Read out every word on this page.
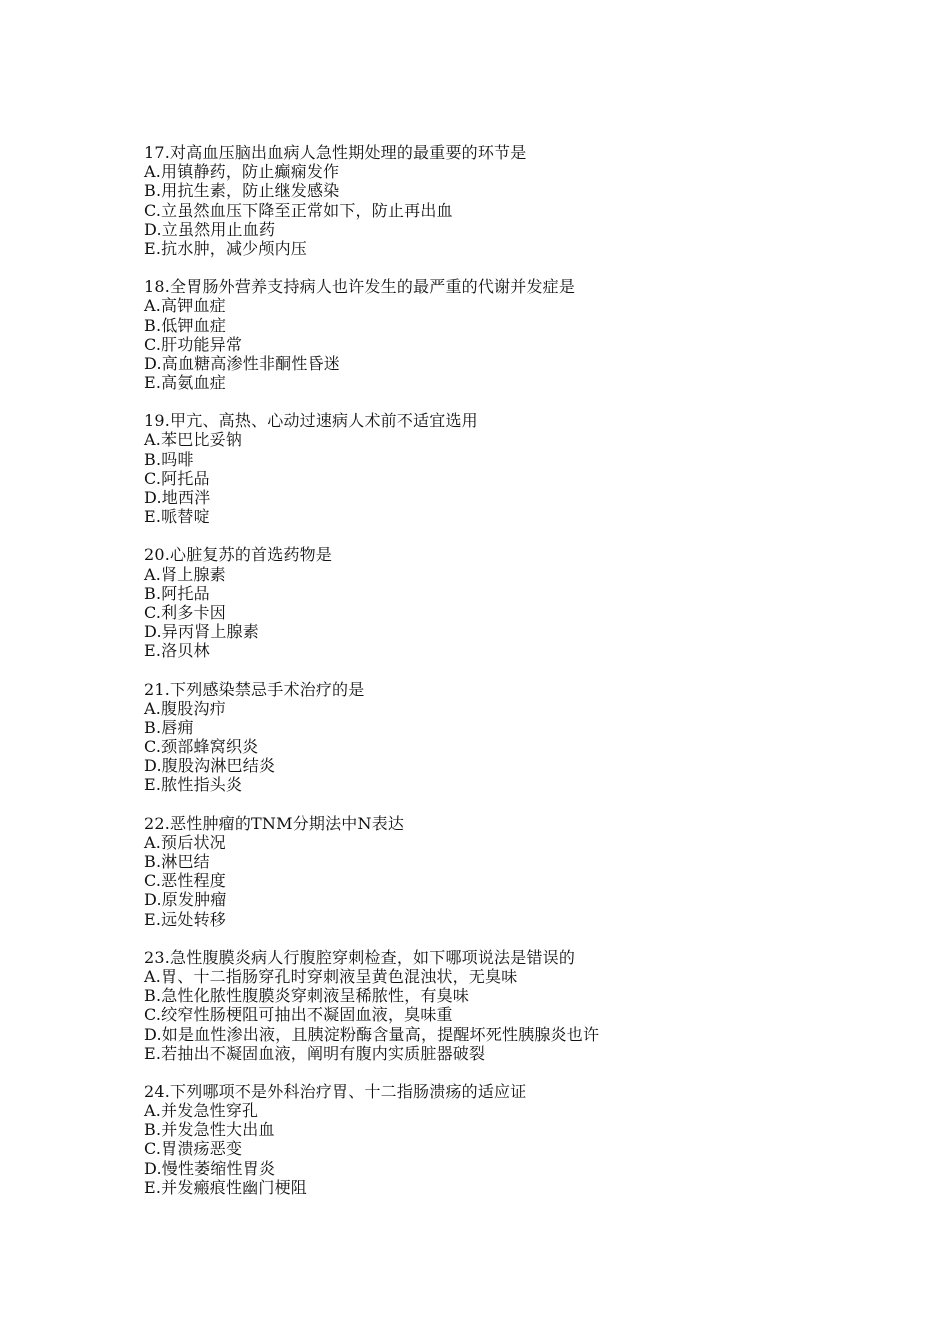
17.对高血压脑出血病人急性期处理的最重要的环节是
A.用镇静药，防止癫痫发作
B.用抗生素，防止继发感染
C.立虽然血压下降至正常如下，防止再出血
D.立虽然用止血药
E.抗水肿，减少颅内压
18.全胃肠外营养支持病人也许发生的最严重的代谢并发症是
A.高钾血症
B.低钾血症
C.肝功能异常
D.高血糖高渗性非酮性昏迷
E.高氨血症
19.甲亢、高热、心动过速病人术前不适宜选用
A.苯巴比妥钠
B.吗啡
C.阿托品
D.地西泮
E.哌替啶
20.心脏复苏的首选药物是
A.肾上腺素
B.阿托品
C.利多卡因
D.异丙肾上腺素
E.洛贝林
21.下列感染禁忌手术治疗的是
A.腹股沟疖
B.唇痈
C.颈部蜂窝织炎
D.腹股沟淋巴结炎
E.脓性指头炎
22.恶性肿瘤的TNM分期法中N表达
A.预后状况
B.淋巴结
C.恶性程度
D.原发肿瘤
E.远处转移
23.急性腹膜炎病人行腹腔穿刺检查，如下哪项说法是错误的
A.胃、十二指肠穿孔时穿刺液呈黄色混浊状，无臭味
B.急性化脓性腹膜炎穿刺液呈稀脓性，有臭味
C.绞窄性肠梗阻可抽出不凝固血液，臭味重
D.如是血性渗出液，且胰淀粉酶含量高，提醒坏死性胰腺炎也许
E.若抽出不凝固血液，阐明有腹内实质脏器破裂
24.下列哪项不是外科治疗胃、十二指肠溃疡的适应证
A.并发急性穿孔
B.并发急性大出血
C.胃溃疡恶变
D.慢性萎缩性胃炎
E.并发瘢痕性幽门梗阻
